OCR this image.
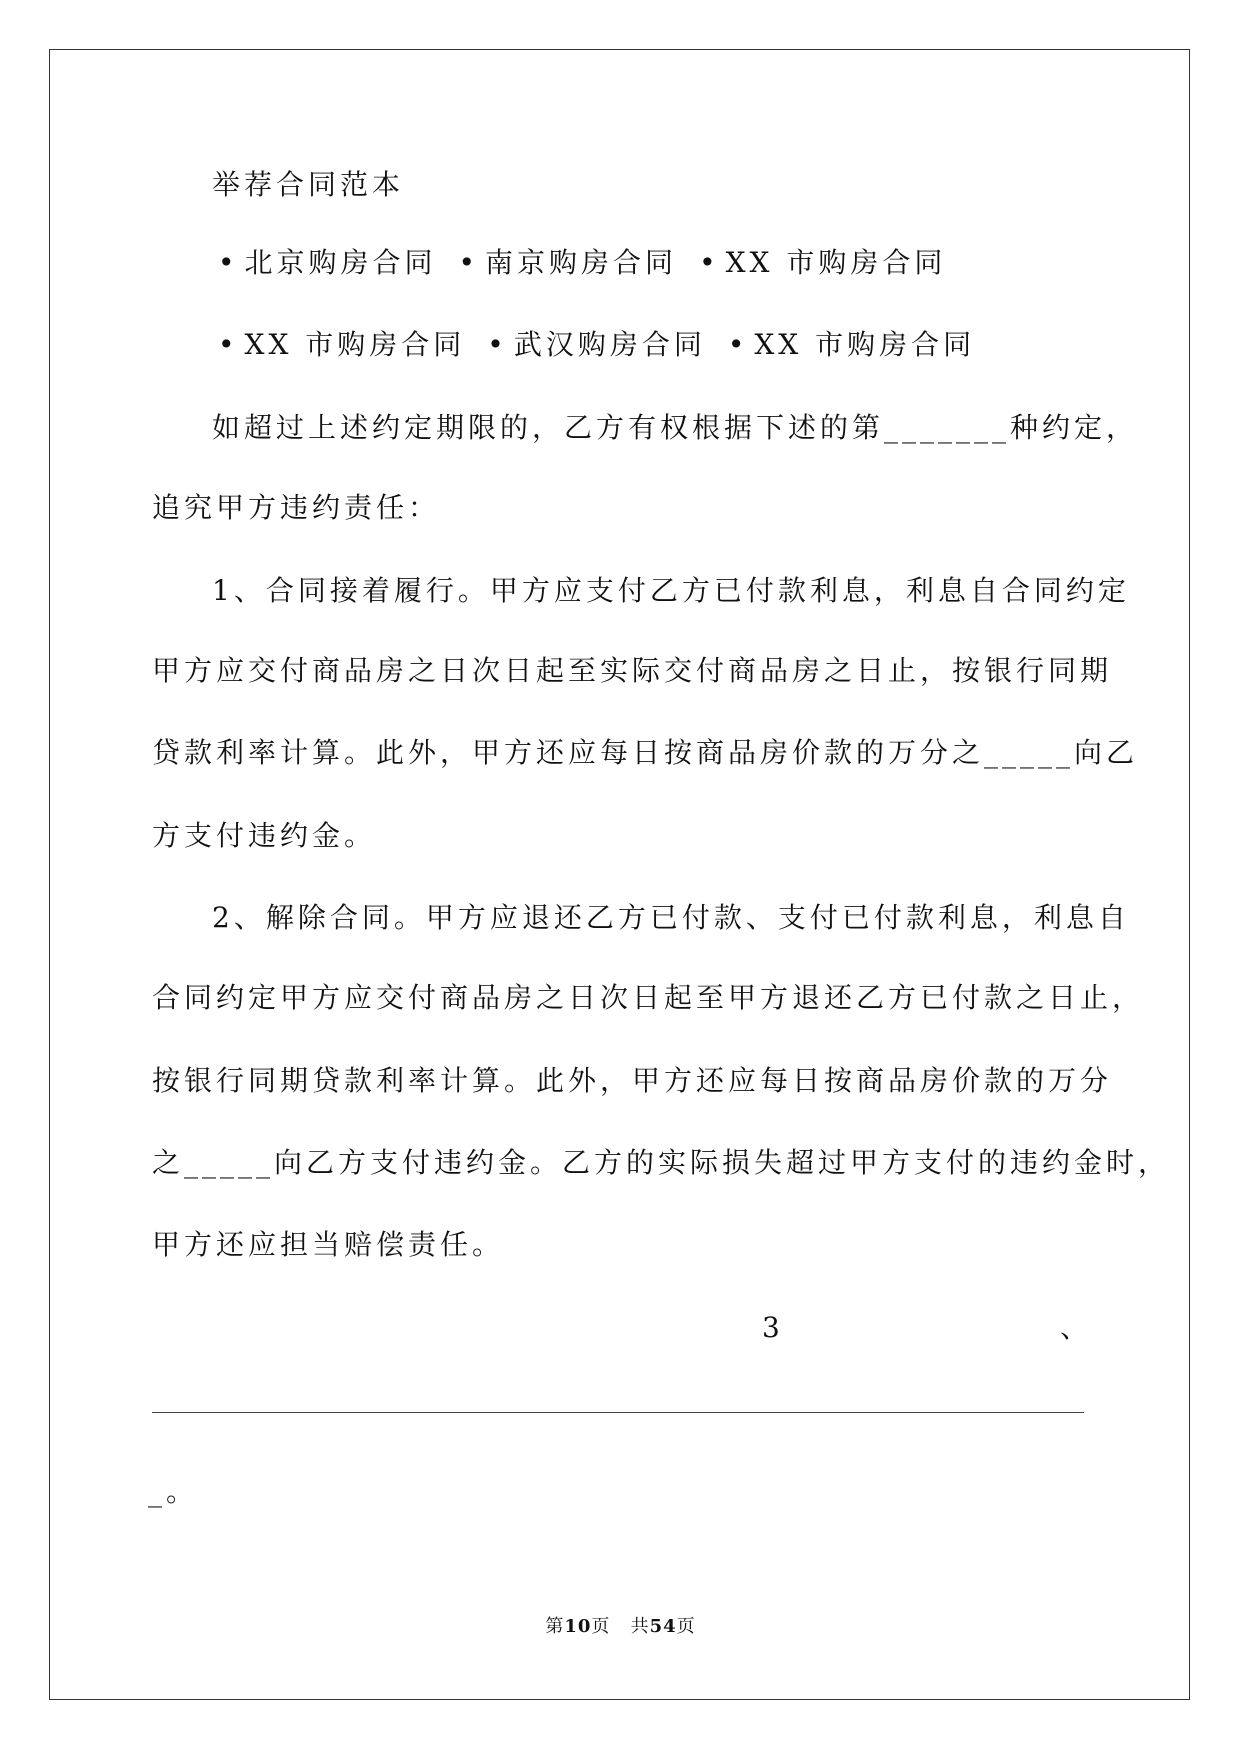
举荐合同范本
• 北京购房合同 • 南京购房合同 • XX 市购房合同
• XX 市购房合同 • 武汉购房合同 • XX 市购房合同
如超过上述约定期限的，乙方有权根据下述的第_______种约定，
追究甲方违约责任：
1、合同接着履行。甲方应支付乙方已付款利息，利息自合同约定
甲方应交付商品房之日次日起至实际交付商品房之日止，按银行同期
贷款利率计算。此外，甲方还应每日按商品房价款的万分之_____向乙
方支付违约金。
2、解除合同。甲方应退还乙方已付款、支付已付款利息，利息自
合同约定甲方应交付商品房之日次日起至甲方退还乙方已付款之日止，
按银行同期贷款利率计算。此外，甲方还应每日按商品房价款的万分
之_____向乙方支付违约金。乙方的实际损失超过甲方支付的违约金时，
甲方还应担当赔偿责任。
3	、
_。
第10页 共54页
